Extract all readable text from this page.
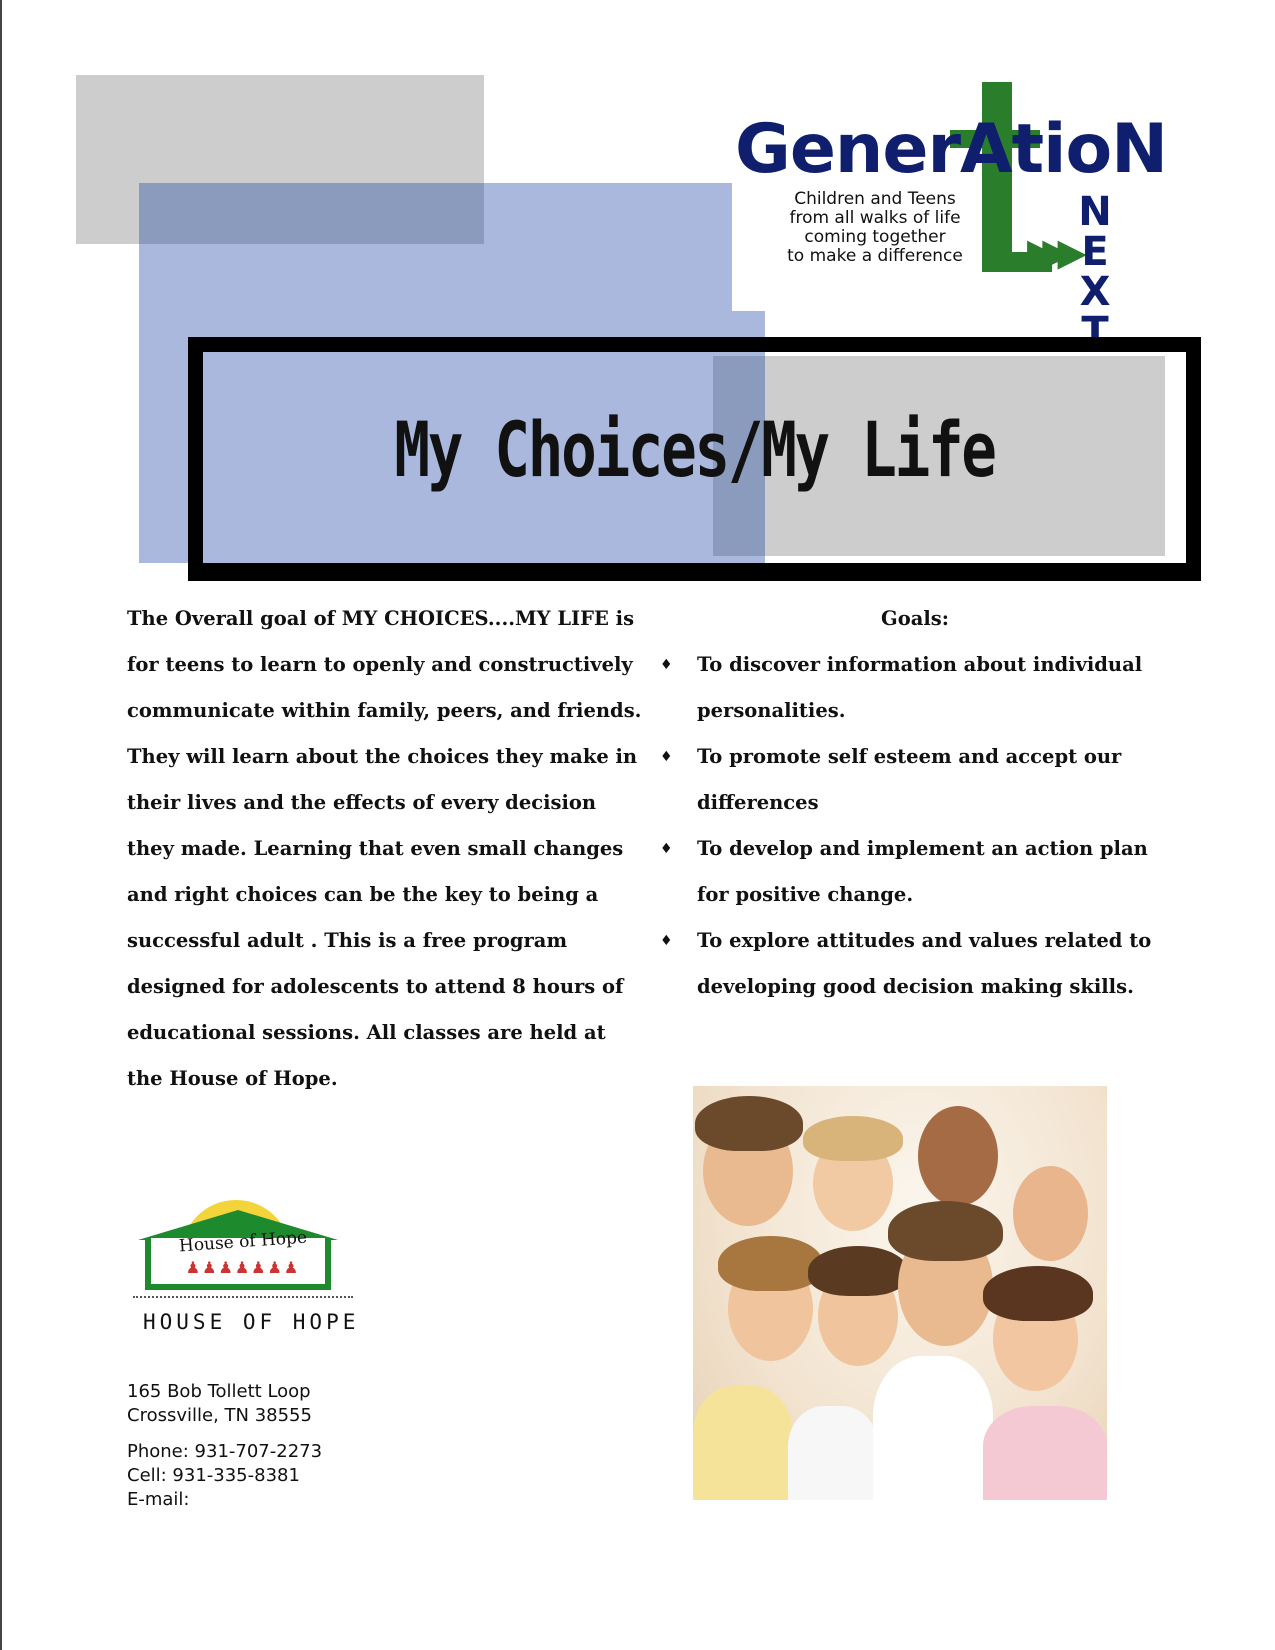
GenerAtioN
▶▶▶
N
E
X
T
Children and Teens
from all walks of life
coming together
to make a difference
My Choices/My Life
The Overall goal of MY CHOICES....MY LIFE is for teens to learn to openly and constructively communicate within family, peers, and friends. They will learn about the choices they make in their lives and the effects of every decision they made. Learning that even small changes and right choices can be the key to being a successful adult . This is a free program designed for adolescents to attend 8 hours of educational sessions. All classes are held at the House of Hope.
Goals:
♦ To discover information about individual personalities.
♦ To promote self esteem and accept our differences
♦ To develop and implement an action plan for positive change.
♦ To explore attitudes and values related to developing good decision making skills.
House of Hope
♟♟♟♟♟♟♟
HOUSE OF HOPE
165 Bob Tollett Loop
Crossville, TN 38555
Phone: 931-707-2273
Cell: 931-335-8381
E-mail:
